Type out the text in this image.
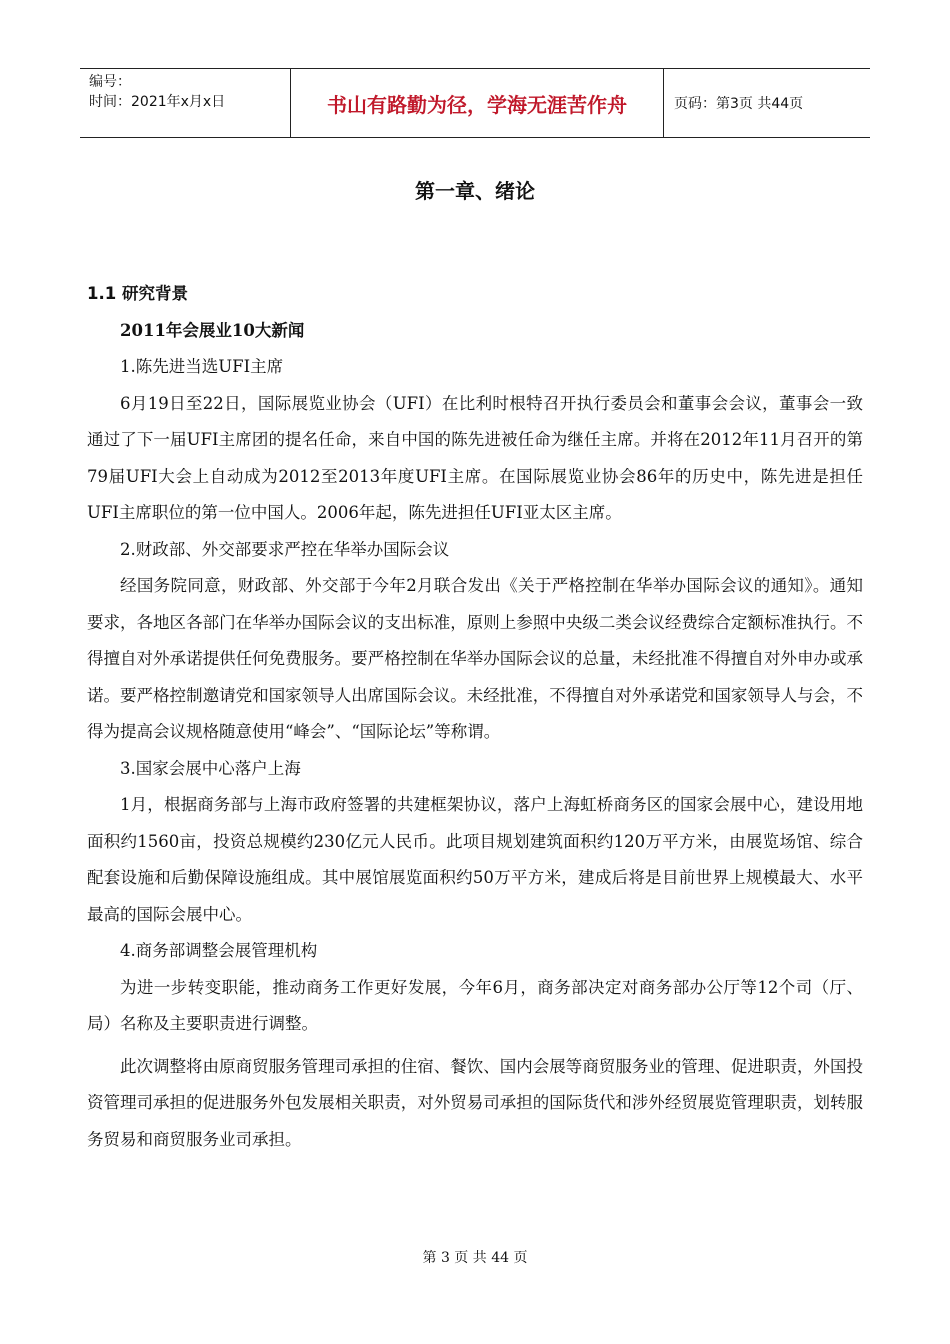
编号：
时间：2021年x月x日	书山有路勤为径，学海无涯苦作舟	页码：第3页 共44页
第一章、绪论

1.1 研究背景

2011年会展业10大新闻

1.陈先进当选UFI主席

6月19日至22日，国际展览业协会（UFI）在比利时根特召开执行委员会和董事会会议，董事会一致通过了下一届UFI主席团的提名任命，来自中国的陈先进被任命为继任主席。并将在2012年11月召开的第79届UFI大会上自动成为2012至2013年度UFI主席。在国际展览业协会86年的历史中，陈先进是担任UFI主席职位的第一位中国人。2006年起，陈先进担任UFI亚太区主席。

2.财政部、外交部要求严控在华举办国际会议

经国务院同意，财政部、外交部于今年2月联合发出《关于严格控制在华举办国际会议的通知》。通知要求，各地区各部门在华举办国际会议的支出标准，原则上参照中央级二类会议经费综合定额标准执行。不得擅自对外承诺提供任何免费服务。要严格控制在华举办国际会议的总量，未经批准不得擅自对外申办或承诺。要严格控制邀请党和国家领导人出席国际会议。未经批准，不得擅自对外承诺党和国家领导人与会，不得为提高会议规格随意使用“峰会”、“国际论坛”等称谓。

3.国家会展中心落户上海

1月，根据商务部与上海市政府签署的共建框架协议，落户上海虹桥商务区的国家会展中心，建设用地面积约1560亩，投资总规模约230亿元人民币。此项目规划建筑面积约120万平方米，由展览场馆、综合配套设施和后勤保障设施组成。其中展馆展览面积约50万平方米，建成后将是目前世界上规模最大、水平最高的国际会展中心。

4.商务部调整会展管理机构

为进一步转变职能，推动商务工作更好发展，今年6月，商务部决定对商务部办公厅等12个司（厅、局）名称及主要职责进行调整。

此次调整将由原商贸服务管理司承担的住宿、餐饮、国内会展等商贸服务业的管理、促进职责，外国投资管理司承担的促进服务外包发展相关职责，对外贸易司承担的国际货代和涉外经贸展览管理职责，划转服务贸易和商贸服务业司承担。

第 3 页 共 44 页
